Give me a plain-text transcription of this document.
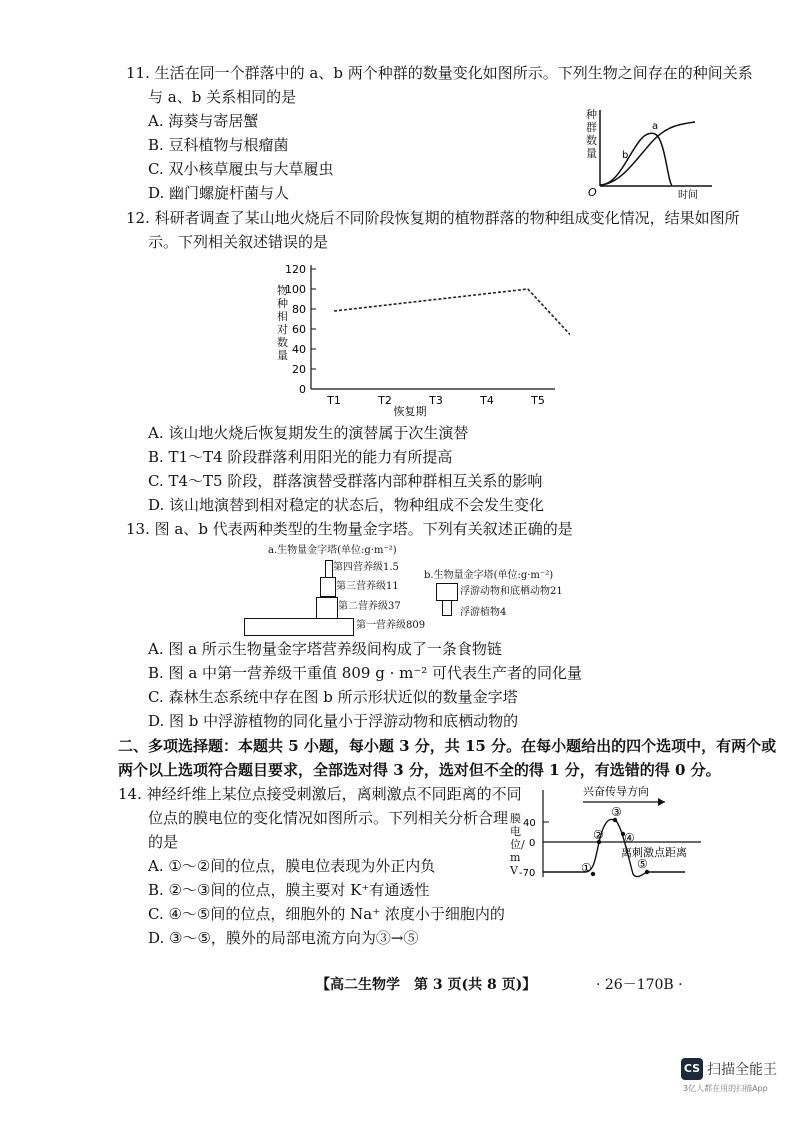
11. 生活在同一个群落中的 a、b 两个种群的数量变化如图所示。下列生物之间存在的种间关系
与 a、b 关系相同的是
A. 海葵与寄居蟹
B. 豆科植物与根瘤菌
C. 双小核草履虫与大草履虫
D. 幽门螺旋杆菌与人
a
b
O	时间
种群数量
12. 科研者调查了某山地火烧后不同阶段恢复期的植物群落的物种组成变化情况，结果如图所
示。下列相关叙述错误的是
0
20
40
60
80
100
120
T1	T2	T3	T4	T5
恢复期
物种相对数量
A. 该山地火烧后恢复期发生的演替属于次生演替
B. T1～T4 阶段群落利用阳光的能力有所提高
C. T4～T5 阶段，群落演替受群落内部种群相互关系的影响
D. 该山地演替到相对稳定的状态后，物种组成不会发生变化
13. 图 a、b 代表两种类型的生物量金字塔。下列有关叙述正确的是
a.生物量金字塔(单位:g·m⁻²)
第四营养级1.5
第三营养级11
第二营养级37
第一营养级809
b.生物量金字塔(单位:g·m⁻²)
浮游动物和底栖动物21
浮游植物4
A. 图 a 所示生物量金字塔营养级间构成了一条食物链
B. 图 a 中第一营养级干重值 809 g · m⁻² 可代表生产者的同化量
C. 森林生态系统中存在图 b 所示形状近似的数量金字塔
D. 图 b 中浮游植物的同化量小于浮游动物和底栖动物的
二、多项选择题：本题共 5 小题，每小题 3 分，共 15 分。在每小题给出的四个选项中，有两个或
两个以上选项符合题目要求，全部选对得 3 分，选对但不全的得 1 分，有选错的得 0 分。
14. 神经纤维上某位点接受刺激后，离刺激点不同距离的不同
位点的膜电位的变化情况如图所示。下列相关分析合理
的是
A. ①～②间的位点，膜电位表现为外正内负
B. ②～③间的位点，膜主要对 K⁺有通透性
C. ④～⑤间的位点，细胞外的 Na⁺ 浓度小于细胞内的
D. ③～⑤，膜外的局部电流方向为③→⑤
兴奋传导方向
40
0
-70	①
②
③
④
⑤
离刺激点距离
膜电位/mV
【高二生物学　第 3 页(共 8 页)】	· 26－170B ·
CS 扫描全能王
3亿人都在用的扫描App
